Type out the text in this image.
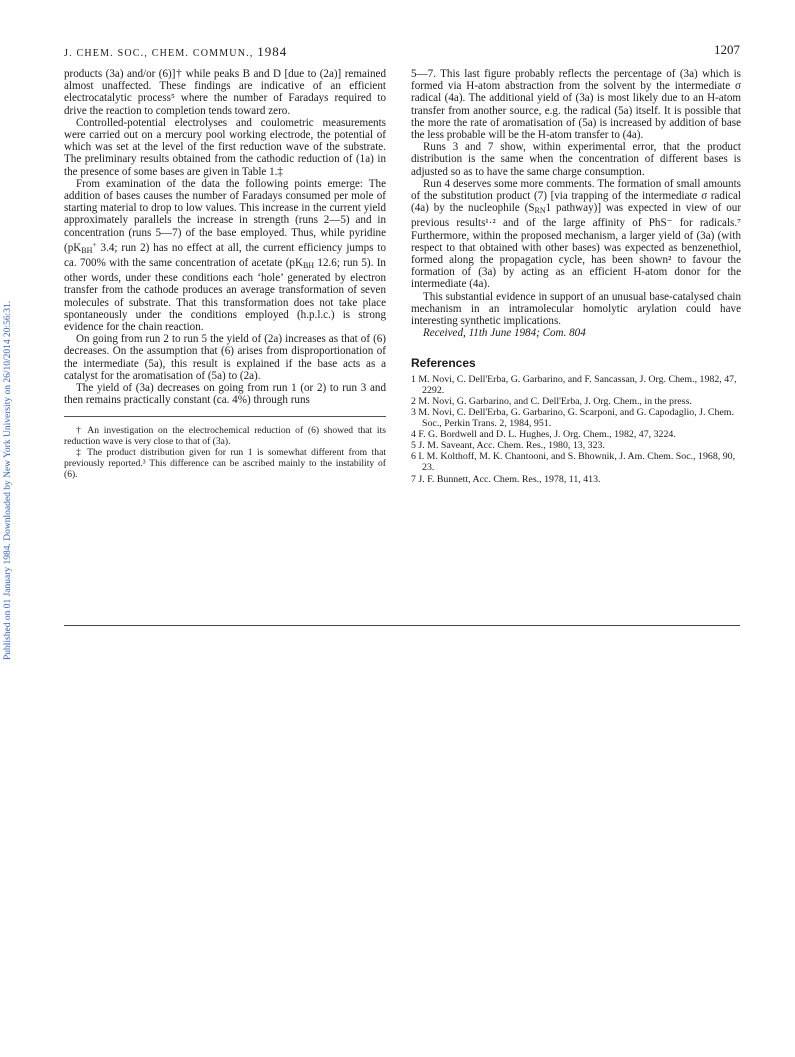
Published on 01 January 1984. Downloaded by New York University on 26/10/2014 20:56:31.
J. CHEM. SOC., CHEM. COMMUN., 1984	1207

products (3a) and/or (6)]† while peaks B and D [due to (2a)] remained almost unaffected. These findings are indicative of an efficient electrocatalytic process⁵ where the number of Faradays required to drive the reaction to completion tends toward zero.

Controlled-potential electrolyses and coulometric measurements were carried out on a mercury pool working electrode, the potential of which was set at the level of the first reduction wave of the substrate. The preliminary results obtained from the cathodic reduction of (1a) in the presence of some bases are given in Table 1.‡

From examination of the data the following points emerge: The addition of bases causes the number of Faradays consumed per mole of starting material to drop to low values. This increase in the current yield approximately parallels the increase in strength (runs 2—5) and in concentration (runs 5—7) of the base employed. Thus, while pyridine ($pK_{BH}^+$ 3.4; run 2) has no effect at all, the current efficiency jumps to ca. 700% with the same concentration of acetate ($pK_{BH}$ 12.6; run 5). In other words, under these conditions each ‘hole’ generated by electron transfer from the cathode produces an average transformation of seven molecules of substrate. That this transformation does not take place spontaneously under the conditions employed (h.p.l.c.) is strong evidence for the chain reaction.

On going from run 2 to run 5 the yield of (2a) increases as that of (6) decreases. On the assumption that (6) arises from disproportionation of the intermediate (5a), this result is explained if the base acts as a catalyst for the aromatisation of (5a) to (2a).

The yield of (3a) decreases on going from run 1 (or 2) to run 3 and then remains practically constant (ca. 4%) through runs

† An investigation on the electrochemical reduction of (6) showed that its reduction wave is very close to that of (3a).

‡ The product distribution given for run 1 is somewhat different from that previously reported.³ This difference can be ascribed mainly to the instability of (6).

5—7. This last figure probably reflects the percentage of (3a) which is formed via H-atom abstraction from the solvent by the intermediate σ radical (4a). The additional yield of (3a) is most likely due to an H-atom transfer from another source, e.g. the radical (5a) itself. It is possible that the more the rate of aromatisation of (5a) is increased by addition of base the less probable will be the H-atom transfer to (4a).

Runs 3 and 7 show, within experimental error, that the product distribution is the same when the concentration of different bases is adjusted so as to have the same charge consumption.

Run 4 deserves some more comments. The formation of small amounts of the substitution product (7) [via trapping of the intermediate σ radical (4a) by the nucleophile ($S_{RN}1$ pathway)] was expected in view of our previous results¹·² and of the large affinity of PhS⁻ for radicals.⁷ Furthermore, within the proposed mechanism, a larger yield of (3a) (with respect to that obtained with other bases) was expected as benzenethiol, formed along the propagation cycle, has been shown² to favour the formation of (3a) by acting as an efficient H-atom donor for the intermediate (4a).

This substantial evidence in support of an unusual base-catalysed chain mechanism in an intramolecular homolytic arylation could have interesting synthetic implications.

Received, 11th June 1984; Com. 804

References
1 M. Novi, C. Dell'Erba, G. Garbarino, and F. Sancassan, J. Org. Chem., 1982, 47, 2292.
2 M. Novi, G. Garbarino, and C. Dell'Erba, J. Org. Chem., in the press.
3 M. Novi, C. Dell'Erba, G. Garbarino, G. Scarponi, and G. Capodaglio, J. Chem. Soc., Perkin Trans. 2, 1984, 951.
4 F. G. Bordwell and D. L. Hughes, J. Org. Chem., 1982, 47, 3224.
5 J. M. Saveant, Acc. Chem. Res., 1980, 13, 323.
6 I. M. Kolthoff, M. K. Chantooni, and S. Bhownik, J. Am. Chem. Soc., 1968, 90, 23.
7 J. F. Bunnett, Acc. Chem. Res., 1978, 11, 413.
